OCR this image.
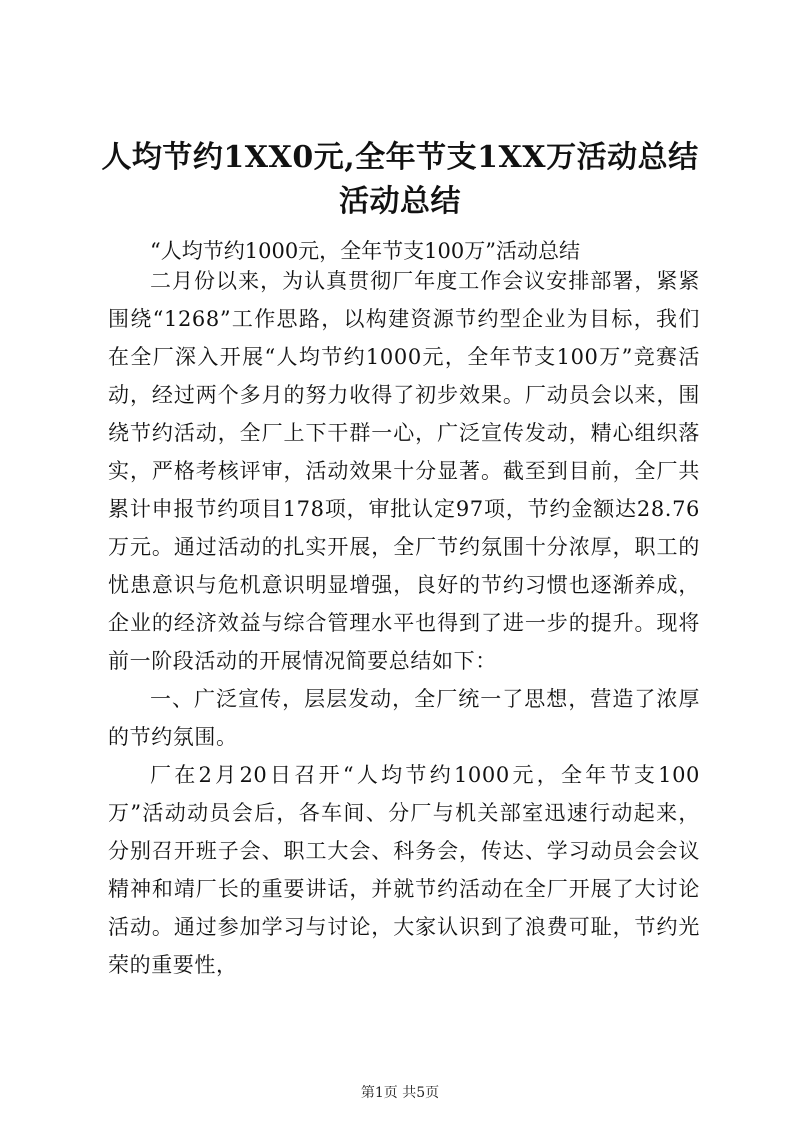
人均节约1XX0元,全年节支1XX万活动总结活动总结
“人均节约1000元，全年节支100万”活动总结

二月份以来，为认真贯彻厂年度工作会议安排部署，紧紧围绕“1268”工作思路，以构建资源节约型企业为目标，我们在全厂深入开展“人均节约1000元，全年节支100万”竞赛活动，经过两个多月的努力收得了初步效果。厂动员会以来，围绕节约活动，全厂上下干群一心，广泛宣传发动，精心组织落实，严格考核评审，活动效果十分显著。截至到目前，全厂共累计申报节约项目178项，审批认定97项，节约金额达28.76万元。通过活动的扎实开展，全厂节约氛围十分浓厚，职工的忧患意识与危机意识明显增强，良好的节约习惯也逐渐养成，企业的经济效益与综合管理水平也得到了进一步的提升。现将前一阶段活动的开展情况简要总结如下：

一、广泛宣传，层层发动，全厂统一了思想，营造了浓厚的节约氛围。

厂在2月20日召开“人均节约1000元，全年节支100万”活动动员会后，各车间、分厂与机关部室迅速行动起来，分别召开班子会、职工大会、科务会，传达、学习动员会会议精神和靖厂长的重要讲话，并就节约活动在全厂开展了大讨论活动。通过参加学习与讨论，大家认识到了浪费可耻，节约光荣的重要性，

第1页 共5页
